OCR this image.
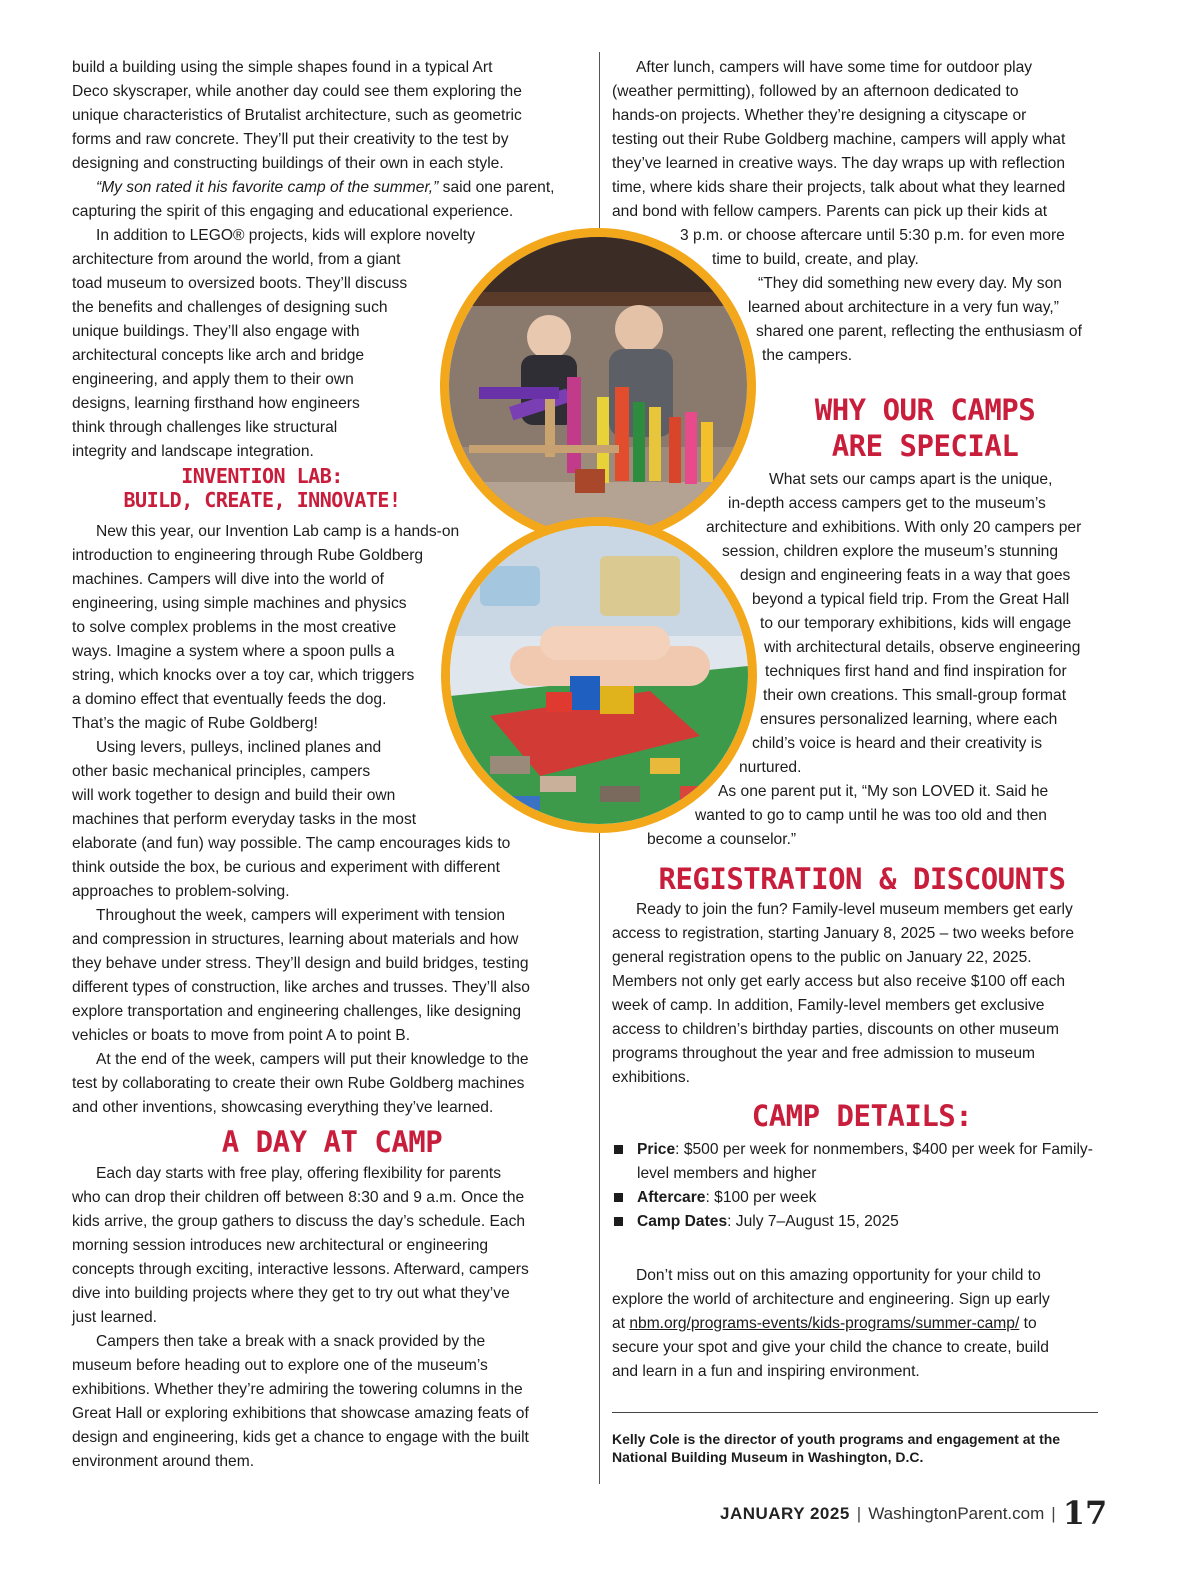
build a building using the simple shapes found in a typical Art
Deco skyscraper, while another day could see them exploring the
unique characteristics of Brutalist architecture, such as geometric
forms and raw concrete. They’ll put their creativity to the test by
designing and constructing buildings of their own in each style.

“My son rated it his favorite camp of the summer,” said one parent,
capturing the spirit of this engaging and educational experience.

In addition to LEGO® projects, kids will explore novelty
architecture from around the world, from a giant
toad museum to oversized boots. They’ll discuss
the benefits and challenges of designing such
unique buildings. They’ll also engage with
architectural concepts like arch and bridge
engineering, and apply them to their own
designs, learning firsthand how engineers
think through challenges like structural
integrity and landscape integration.

INVENTION LAB:
BUILD, CREATE, INNOVATE!

New this year, our Invention Lab camp is a hands-on
introduction to engineering through Rube Goldberg
machines. Campers will dive into the world of
engineering, using simple machines and physics
to solve complex problems in the most creative
ways. Imagine a system where a spoon pulls a
string, which knocks over a toy car, which triggers
a domino effect that eventually feeds the dog.
That’s the magic of Rube Goldberg!

Using levers, pulleys, inclined planes and
other basic mechanical principles, campers
will work together to design and build their own
machines that perform everyday tasks in the most
elaborate (and fun) way possible. The camp encourages kids to
think outside the box, be curious and experiment with different
approaches to problem-solving.

Throughout the week, campers will experiment with tension
and compression in structures, learning about materials and how
they behave under stress. They’ll design and build bridges, testing
different types of construction, like arches and trusses. They’ll also
explore transportation and engineering challenges, like designing
vehicles or boats to move from point A to point B.

At the end of the week, campers will put their knowledge to the
test by collaborating to create their own Rube Goldberg machines
and other inventions, showcasing everything they’ve learned.

A DAY AT CAMP

Each day starts with free play, offering flexibility for parents
who can drop their children off between 8:30 and 9 a.m. Once the
kids arrive, the group gathers to discuss the day’s schedule. Each
morning session introduces new architectural or engineering
concepts through exciting, interactive lessons. Afterward, campers
dive into building projects where they get to try out what they’ve
just learned.

Campers then take a break with a snack provided by the
museum before heading out to explore one of the museum’s
exhibitions. Whether they’re admiring the towering columns in the
Great Hall or exploring exhibitions that showcase amazing feats of
design and engineering, kids get a chance to engage with the built
environment around them.

After lunch, campers will have some time for outdoor play
(weather permitting), followed by an afternoon dedicated to
hands-on projects. Whether they’re designing a cityscape or
testing out their Rube Goldberg machine, campers will apply what
they’ve learned in creative ways. The day wraps up with reflection
time, where kids share their projects, talk about what they learned
and bond with fellow campers. Parents can pick up their kids at
3 p.m. or choose aftercare until 5:30 p.m. for even more
time to build, create, and play.

“They did something new every day. My son
learned about architecture in a very fun way,”
shared one parent, reflecting the enthusiasm of
the campers.

WHY OUR CAMPS
ARE SPECIAL

What sets our camps apart is the unique,
in-depth access campers get to the museum’s
architecture and exhibitions. With only 20 campers per
session, children explore the museum’s stunning
design and engineering feats in a way that goes
beyond a typical field trip. From the Great Hall
to our temporary exhibitions, kids will engage
with architectural details, observe engineering
techniques first hand and find inspiration for
their own creations. This small-group format
ensures personalized learning, where each
child’s voice is heard and their creativity is
nurtured.

As one parent put it, “My son LOVED it. Said he
wanted to go to camp until he was too old and then
become a counselor.”

REGISTRATION & DISCOUNTS

Ready to join the fun? Family-level museum members get early
access to registration, starting January 8, 2025 – two weeks before
general registration opens to the public on January 22, 2025.
Members not only get early access but also receive $100 off each
week of camp. In addition, Family-level members get exclusive
access to children’s birthday parties, discounts on other museum
programs throughout the year and free admission to museum
exhibitions.

CAMP DETAILS:
Price: $500 per week for nonmembers, $400 per week for Family-
level members and higher
Aftercare: $100 per week
Camp Dates: July 7–August 15, 2025

Don’t miss out on this amazing opportunity for your child to
explore the world of architecture and engineering. Sign up early
at nbm.org/programs-events/kids-programs/summer-camp/ to
secure your spot and give your child the chance to create, build
and learn in a fun and inspiring environment.

Kelly Cole is the director of youth programs and engagement at the
National Building Museum in Washington, D.C.
JANUARY 2025 | WashingtonParent.com | 17
